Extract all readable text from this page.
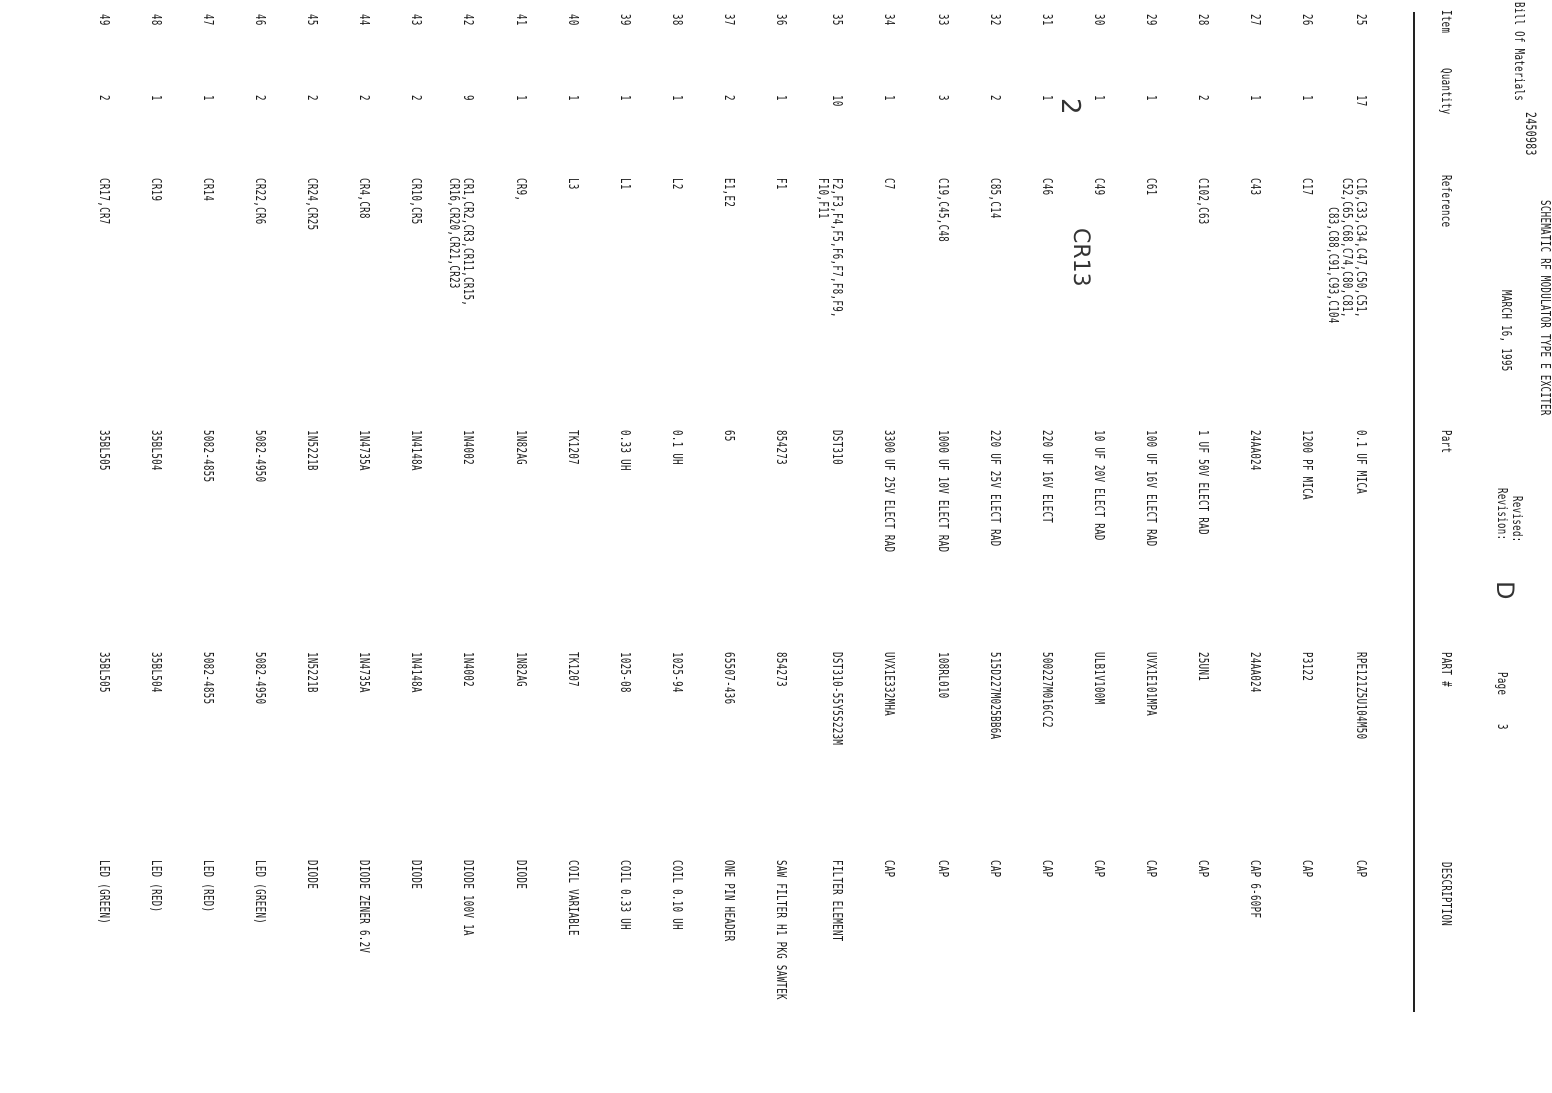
SCHEMATIC RF MODULATOR TYPE E EXCITER
2450983
Bill Of Materials
MARCH 16, 1995
Revised:
Revision:
D
Page
3
Item
Quantity
Reference
Part
PART #
DESCRIPTION
25
17
C16,C33,C34,C47,C50,C51,
C52,C65,C68,C74,C80,C81,
C83,C88,C91,C93,C104
0.1 UF MICA
RPE121Z5U104M50
CAP
26
1
C17
1200 PF MICA
P3122
CAP
27
1
C43
24AA024
24AA024
CAP 6-60PF
28
2
C102,C63
1 UF 50V ELECT RAD
25UN1
CAP
29
1
C61
100 UF 16V ELECT RAD
UVX1E101MPA
CAP
30
1
C49
10 UF 20V ELECT RAD
ULB1V100M
CAP
31
1
C46
220 UF 16V ELECT
500227M016CC2
CAP
32
2
C85,C14
220 UF 25V ELECT RAD
515D227M025BB6A
CAP
33
3
C19,C45,C48
1000 UF 10V ELECT RAD
108RL010
CAP
34
1
C7
3300 UF 25V ELECT RAD
UVX1E332MHA
CAP
35
10
F2,F3,F4,F5,F6,F7,F8,F9,
F10,F11
DST310
DST310-55Y5S223M
FILTER ELEMENT
36
1
F1
854273
854273
SAW FILTER H1 PKG SAWTEK
37
2
E1,E2
65
65507-436
ONE PIN HEADER
38
1
L2
0.1 UH
1025-94
COIL 0.10 UH
39
1
L1
0.33 UH
1025-08
COIL 0.33 UH
40
1
L3
TK1207
TK1207
COIL VARIABLE
41
1
CR9,
1N82AG
1N82AG
DIODE
42
9
CR1,CR2,CR3,CR11,CR15,
CR16,CR20,CR21,CR23
1N4002
1N4002
DIODE 100V 1A
43
2
CR10,CR5
1N4148A
1N4148A
DIODE
44
2
CR4,CR8
1N4735A
1N4735A
DIODE ZENER 6.2V
45
2
CR24,CR25
1N5221B
1N5221B
DIODE
46
2
CR22,CR6
5082-4950
5082-4950
LED (GREEN)
47
1
CR14
5082-4855
5082-4855
LED (RED)
48
1
CR19
35BL504
35BL504
LED (RED)
49
2
CR17,CR7
35BL505
35BL505
LED (GREEN)
2
CR13
